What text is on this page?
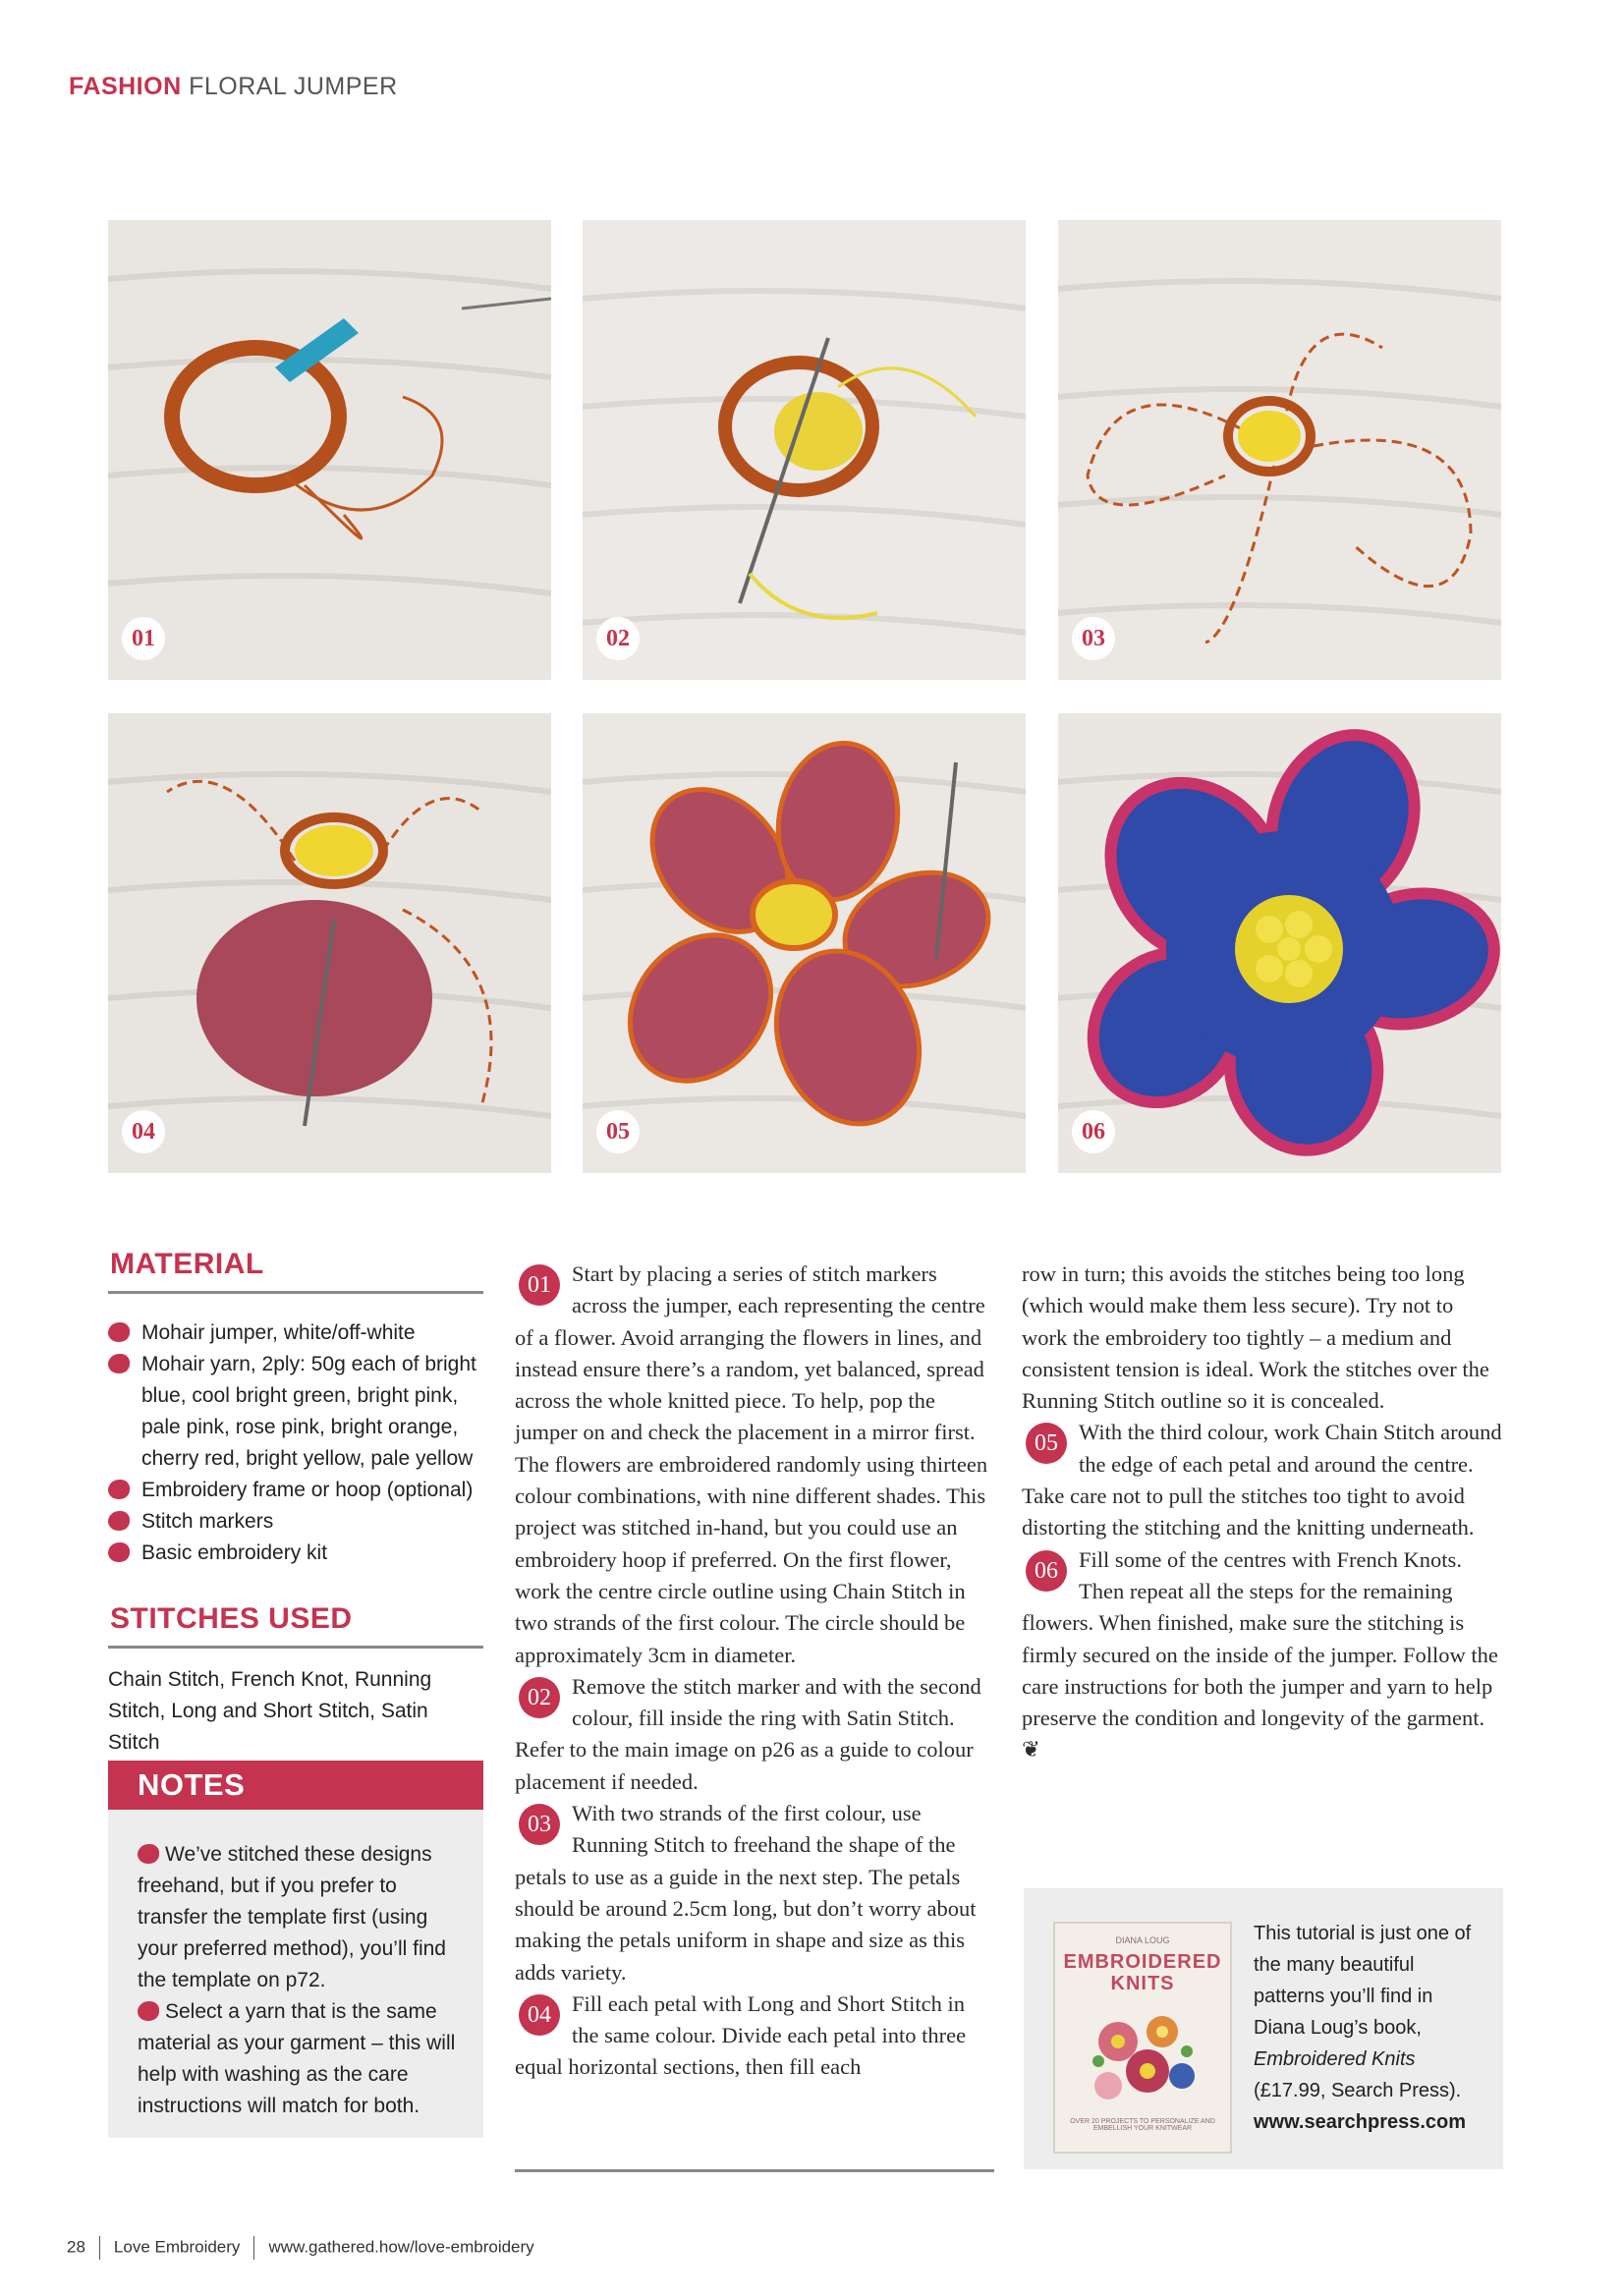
FASHION FLORAL JUMPER
01	02	03
04	05	06
MATERIAL
Mohair jumper, white/off-white
Mohair yarn, 2ply: 50g each of bright blue, cool bright green, bright pink, pale pink, rose pink, bright orange, cherry red, bright yellow, pale yellow
Embroidery frame or hoop (optional)
Stitch markers
Basic embroidery kit
STITCHES USED
Chain Stitch, French Knot, Running Stitch, Long and Short Stitch, Satin Stitch
NOTES

We’ve stitched these designs freehand, but if you prefer to transfer the template first (using your preferred method), you’ll find the template on p72.

Select a yarn that is the same material as your garment – this will help with washing as the care instructions will match for both.

01 Start by placing a series of stitch markers across the jumper, each representing the centre of a flower. Avoid arranging the flowers in lines, and instead ensure there’s a random, yet balanced, spread across the whole knitted piece. To help, pop the jumper on and check the placement in a mirror first. The flowers are embroidered randomly using thirteen colour combinations, with nine different shades. This project was stitched in-hand, but you could use an embroidery hoop if preferred. On the first flower, work the centre circle outline using Chain Stitch in two strands of the first colour. The circle should be approximately 3cm in diameter.

02 Remove the stitch marker and with the second colour, fill inside the ring with Satin Stitch. Refer to the main image on p26 as a guide to colour placement if needed.

03 With two strands of the first colour, use Running Stitch to freehand the shape of the petals to use as a guide in the next step. The petals should be around 2.5cm long, but don’t worry about making the petals uniform in shape and size as this adds variety.

04 Fill each petal with Long and Short Stitch in the same colour. Divide each petal into three equal horizontal sections, then fill each

row in turn; this avoids the stitches being too long (which would make them less secure). Try not to work the embroidery too tightly – a medium and consistent tension is ideal. Work the stitches over the Running Stitch outline so it is concealed.

05 With the third colour, work Chain Stitch around the edge of each petal and around the centre. Take care not to pull the stitches too tight to avoid distorting the stitching and the knitting underneath.

06 Fill some of the centres with French Knots. Then repeat all the steps for the remaining flowers. When finished, make sure the stitching is firmly secured on the inside of the jumper. Follow the care instructions for both the jumper and yarn to help preserve the condition and longevity of the garment. ❦

DIANA LOUG
EMBROIDERED
KNITS
OVER 20 PROJECTS TO PERSONALIZE AND EMBELLISH YOUR KNITWEAR
This tutorial is just one of the many beautiful patterns you’ll find in Diana Loug’s book, Embroidered Knits (£17.99, Search Press).
www.searchpress.com
28 Love Embroidery www.gathered.how/love-embroidery
